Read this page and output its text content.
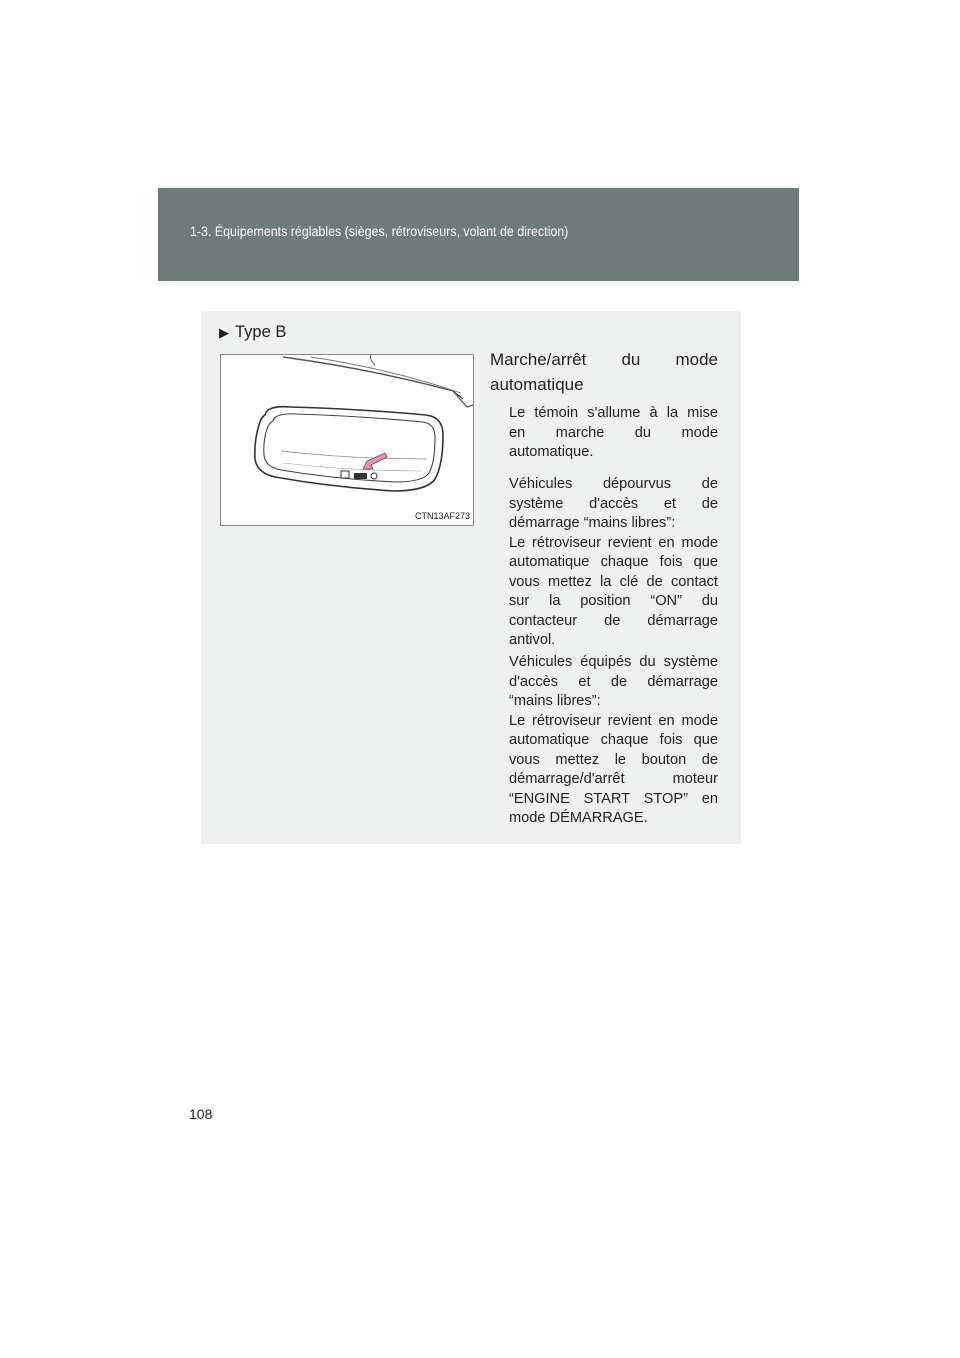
1-3. Équipements réglables (sièges, rétroviseurs, volant de direction)
▶ Type B
CTN13AF273
Marche/arrêt du mode
automatique
Le témoin s'allume à la mise
en marche du mode
automatique.
Véhicules dépourvus de
système d'accès et de
démarrage “mains libres”:
Le rétroviseur revient en mode
automatique chaque fois que
vous mettez la clé de contact
sur la position “ON” du
contacteur de démarrage
antivol.
Véhicules équipés du système
d'accès et de démarrage
“mains libres”:
Le rétroviseur revient en mode
automatique chaque fois que
vous mettez le bouton de
démarrage/d'arrêt moteur
“ENGINE START STOP” en
mode DÉMARRAGE.
108
